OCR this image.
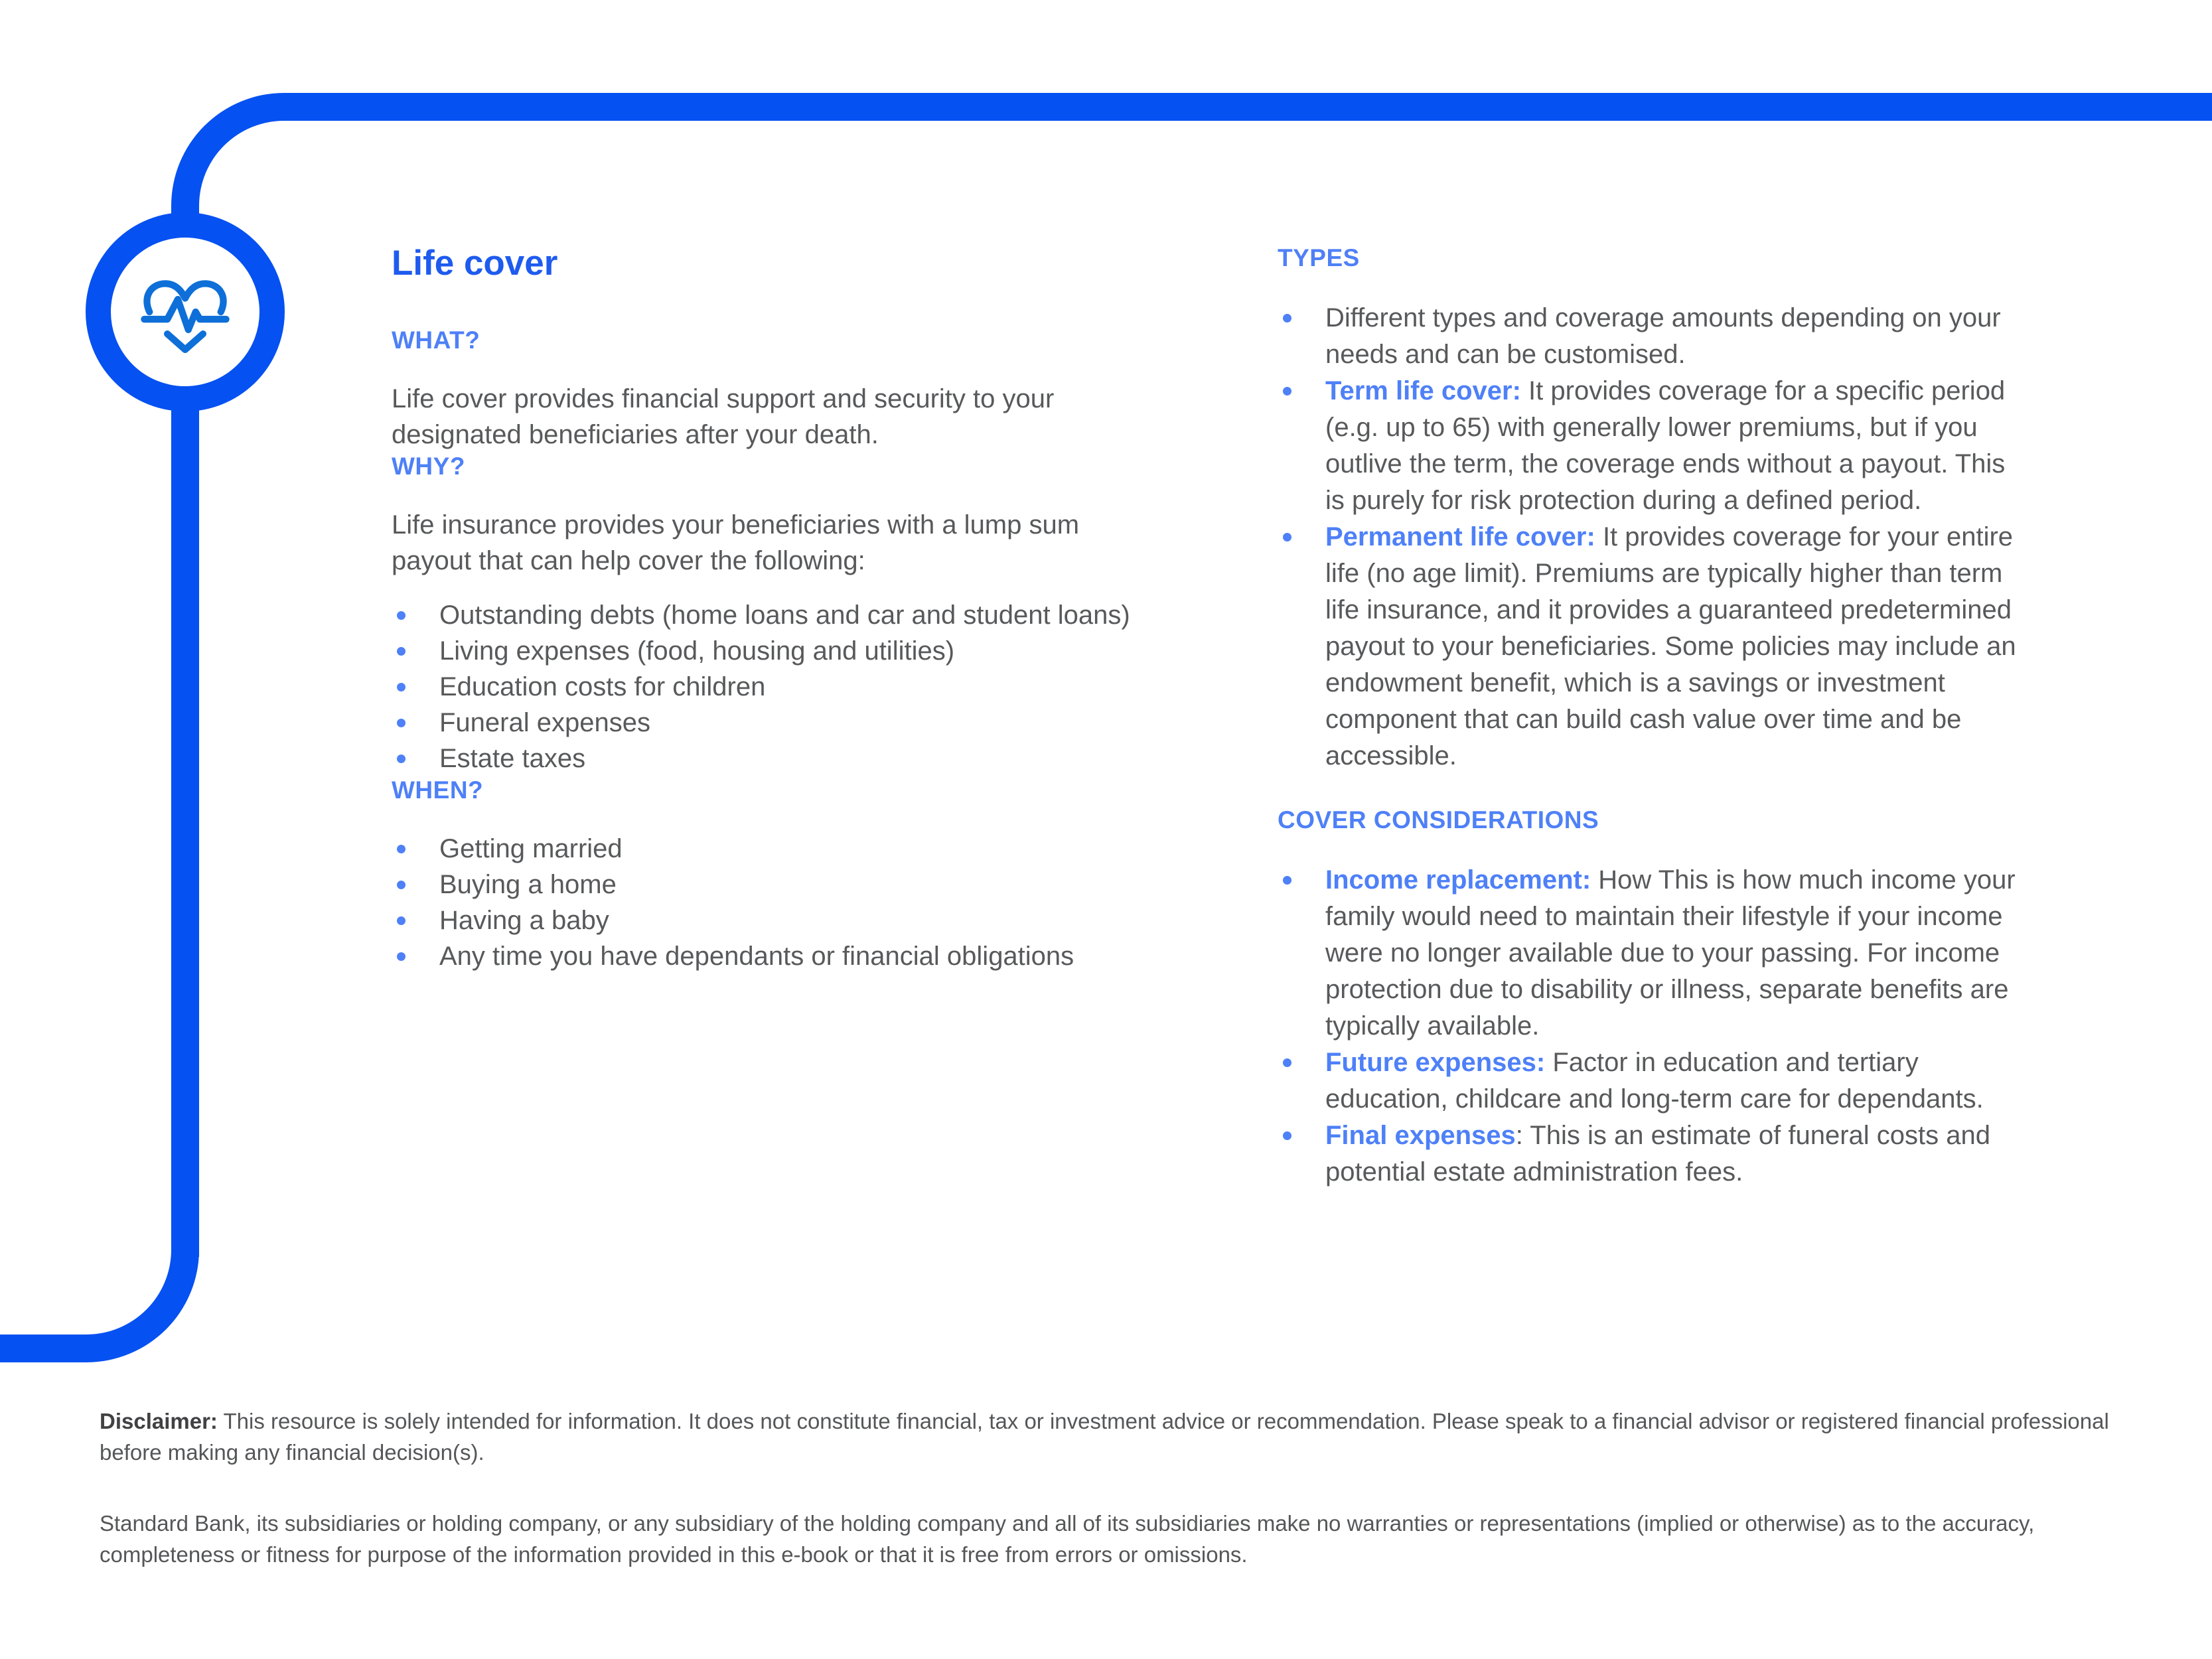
Life cover
WHAT?

Life cover provides financial support and security to your designated beneficiaries after your death.

WHY?

Life insurance provides your beneficiaries with a lump sum payout that can help cover the following:

Outstanding debts (home loans and car and student loans)
Living expenses (food, housing and utilities)
Education costs for children
Funeral expenses
Estate taxes
WHEN?
Getting married
Buying a home
Having a baby
Any time you have dependants or financial obligations
TYPES
Different types and coverage amounts depending on your needs and can be customised.
Term life cover: It provides coverage for a specific period (e.g. up to 65) with generally lower premiums, but if you outlive the term, the coverage ends without a payout. This is purely for risk protection during a defined period.
Permanent life cover: It provides coverage for your entire life (no age limit). Premiums are typically higher than term life insurance, and it provides a guaranteed predetermined payout to your beneficiaries. Some policies may include an endowment benefit, which is a savings or investment component that can build cash value over time and be accessible.
COVER CONSIDERATIONS
Income replacement: How This is how much income your family would need to maintain their lifestyle if your income were no longer available due to your passing. For income protection due to disability or illness, separate benefits are typically available.
Future expenses: Factor in education and tertiary education, childcare and long-term care for dependants.
Final expenses: This is an estimate of funeral costs and potential estate administration fees.

Disclaimer: This resource is solely intended for information. It does not constitute financial, tax or investment advice or recommendation. Please speak to a financial advisor or registered financial professional before making any financial decision(s).

Standard Bank, its subsidiaries or holding company, or any subsidiary of the holding company and all of its subsidiaries make no warranties or representations (implied or otherwise) as to the accuracy, completeness or fitness for purpose of the information provided in this e-book or that it is free from errors or omissions.
